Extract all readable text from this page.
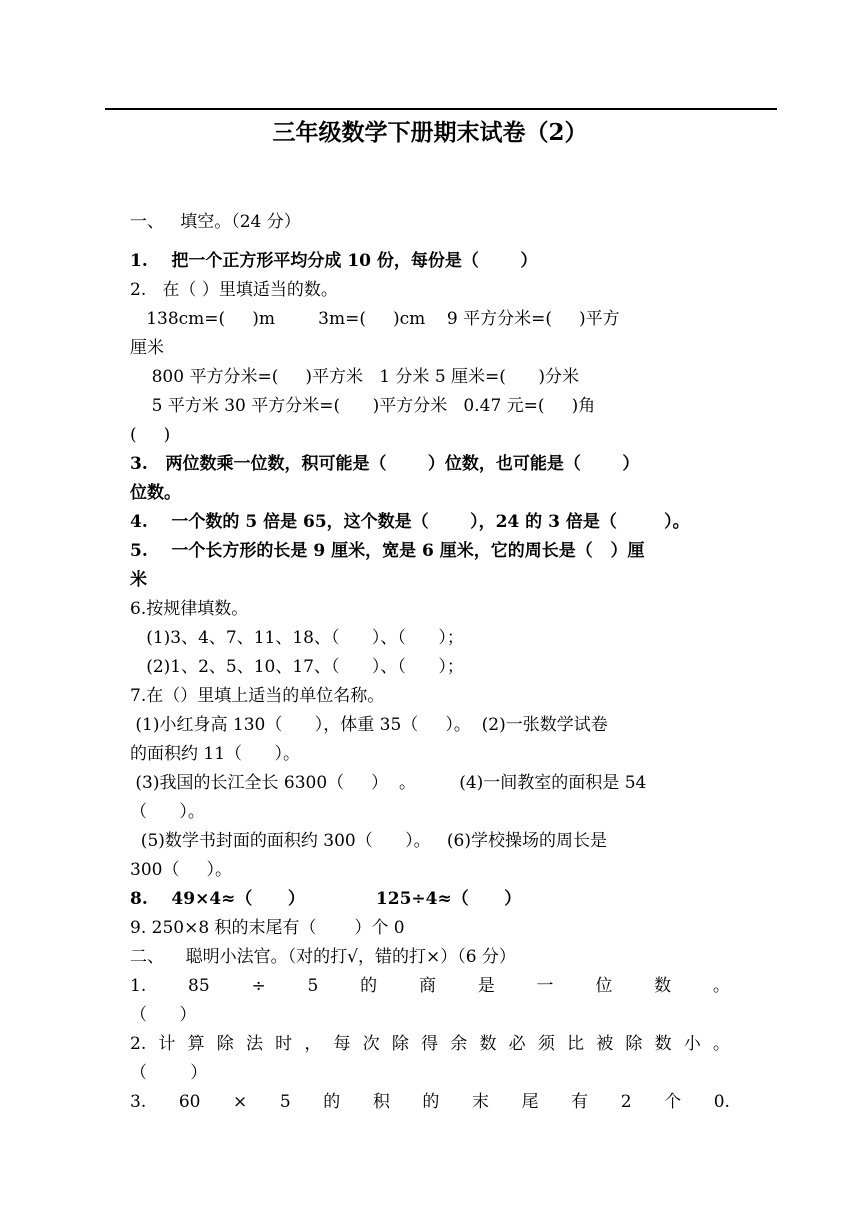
三年级数学下册期末试卷（2）
一、   填空。（24 分）
1.    把一个正方形平均分成 10 份，每份是（       ）
2.   在（ ）里填适当的数。
138cm=(     )m        3m=(     )cm    9 平方分米=(     )平方
厘米
800 平方分米=(     )平方米   1 分米 5 厘米=(      )分米
5 平方米 30 平方分米=(      )平方分米   0.47 元=(     )角
(     )
3.   两位数乘一位数，积可能是（       ）位数，也可能是（       ）
位数。
4.    一个数的 5 倍是 65，这个数是（       ），24 的 3 倍是（        ）。
5.    一个长方形的长是 9 厘米，宽是 6 厘米，它的周长是（   ）厘
米
6.按规律填数。
(1)3、4、7、11、18、（      ）、（      ）；
(2)1、2、5、10、17、（      ）、（      ）；
7.在（）里填上适当的单位名称。
(1)小红身高 130（      ），体重 35（     ）。  (2)一张数学试卷
的面积约 11（      ）。
(3)我国的长江全长 6300（     ）  。        (4)一间教室的面积是 54
（      ）。
(5)数学书封面的面积约 300（      ）。   (6)学校操场的周长是
300（     ）。
8.    49×4≈（      ）            125÷4≈（      ）
9. 250×8 积的末尾有（       ）个 0
二、    聪明小法官。（对的打√，错的打×）（6 分）
1. 85 ÷ 5 的 商 是 一 位 数 。
（      ）
2. 计 算 除 法 时 ， 每 次 除 得 余 数 必 须 比 被 除 数 小 。
（        ）
3. 60 × 5 的 积 的 末 尾 有 2 个 0.
